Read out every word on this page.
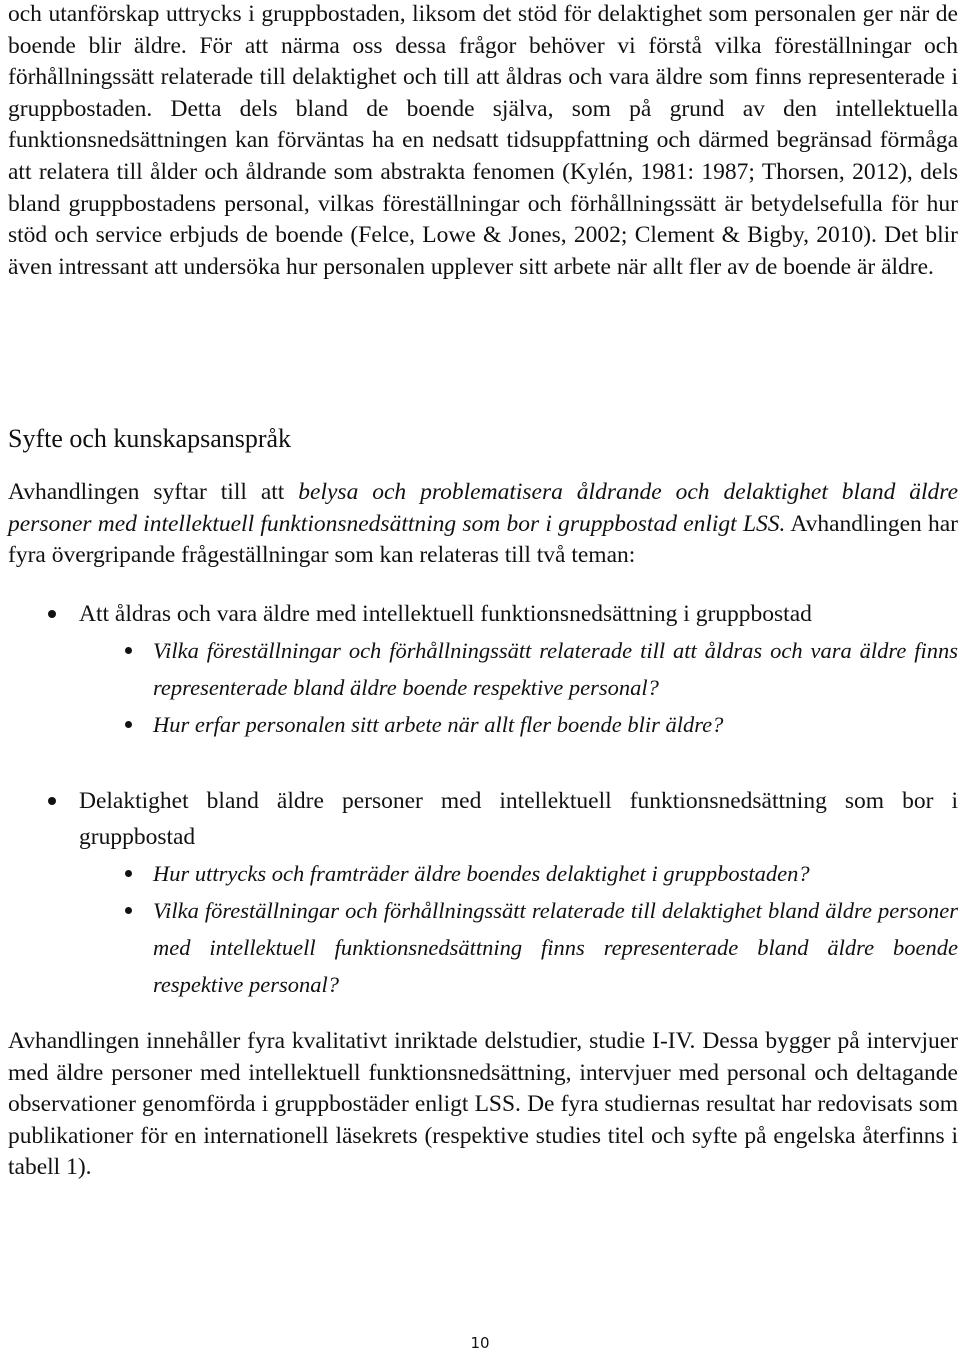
och utanförskap uttrycks i gruppbostaden, liksom det stöd för delaktighet som personalen ger när de boende blir äldre. För att närma oss dessa frågor behöver vi förstå vilka föreställningar och förhållningssätt relaterade till delaktighet och till att åldras och vara äldre som finns representerade i gruppbostaden. Detta dels bland de boende själva, som på grund av den intellektuella funktionsnedsättningen kan förväntas ha en nedsatt tidsuppfattning och därmed begränsad förmåga att relatera till ålder och åldrande som abstrakta fenomen (Kylén, 1981: 1987; Thorsen, 2012), dels bland gruppbostadens personal, vilkas föreställningar och förhållningssätt är betydelsefulla för hur stöd och service erbjuds de boende (Felce, Lowe & Jones, 2002; Clement & Bigby, 2010). Det blir även intressant att undersöka hur personalen upplever sitt arbete när allt fler av de boende är äldre.

Syfte och kunskapsanspråk

Avhandlingen syftar till att belysa och problematisera åldrande och delaktighet bland äldre personer med intellektuell funktionsnedsättning som bor i gruppbostad enligt LSS. Avhandlingen har fyra övergripande frågeställningar som kan relateras till två teman:

Att åldras och vara äldre med intellektuell funktionsnedsättning i gruppbostad
Vilka föreställningar och förhållningssätt relaterade till att åldras och vara äldre finns representerade bland äldre boende respektive personal?
Hur erfar personalen sitt arbete när allt fler boende blir äldre?
Delaktighet bland äldre personer med intellektuell funktionsnedsättning som bor i gruppbostad
Hur uttrycks och framträder äldre boendes delaktighet i gruppbostaden?
Vilka föreställningar och förhållningssätt relaterade till delaktighet bland äldre personer med intellektuell funktionsnedsättning finns representerade bland äldre boende respektive personal?

Avhandlingen innehåller fyra kvalitativt inriktade delstudier, studie I-IV. Dessa bygger på intervjuer med äldre personer med intellektuell funktionsnedsättning, intervjuer med personal och deltagande observationer genomförda i gruppbostäder enligt LSS. De fyra studiernas resultat har redovisats som publikationer för en internationell läsekrets (respektive studies titel och syfte på engelska återfinns i tabell 1).

10
